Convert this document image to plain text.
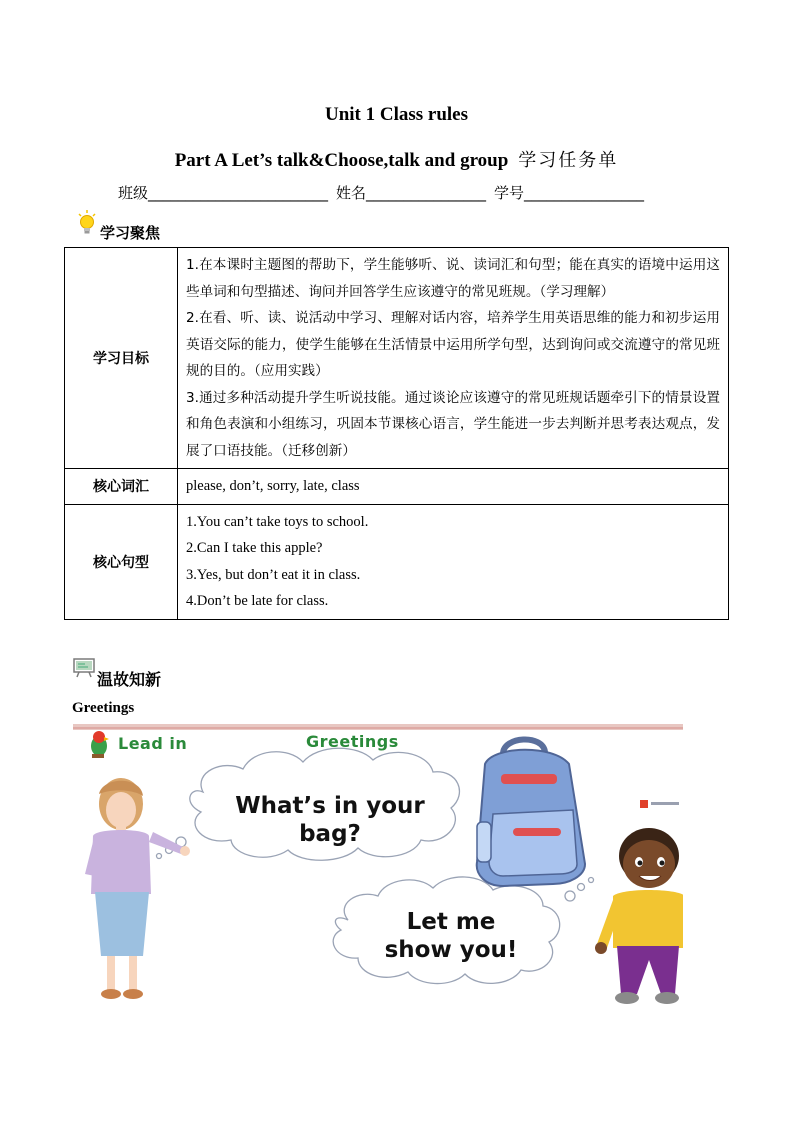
Unit 1 Class rules
Part A Let’s talk&Choose,talk and group 学习任务单
班级________________________ 姓名________________ 学号________________
学习聚焦
学习目标	1.在本课时主题图的帮助下，学生能够听、说、读词汇和句型；能在真实的语境中运用这些单词和句型描述、询问并回答学生应该遵守的常见班规。（学习理解）

2.在看、听、读、说活动中学习、理解对话内容，培养学生用英语思维的能力和初步运用英语交际的能力，使学生能够在生活情景中运用所学句型，达到询问或交流遵守的常见班规的目的。（应用实践）

3.通过多种活动提升学生听说技能。通过谈论应该遵守的常见班规话题牵引下的情景设置和角色表演和小组练习，巩固本节课核心语言，学生能进一步去判断并思考表达观点，发展了口语技能。（迁移创新）

核心词汇	please, don’t, sorry, late, class

核心句型	1.You can’t take toys to school.

2.Can I take this apple?

3.Yes, but don’t eat it in class.

4.Don’t be late for class.

温故知新
Greetings
Lead in	Greetings
What’s in your
bag?
Let me
show you!
